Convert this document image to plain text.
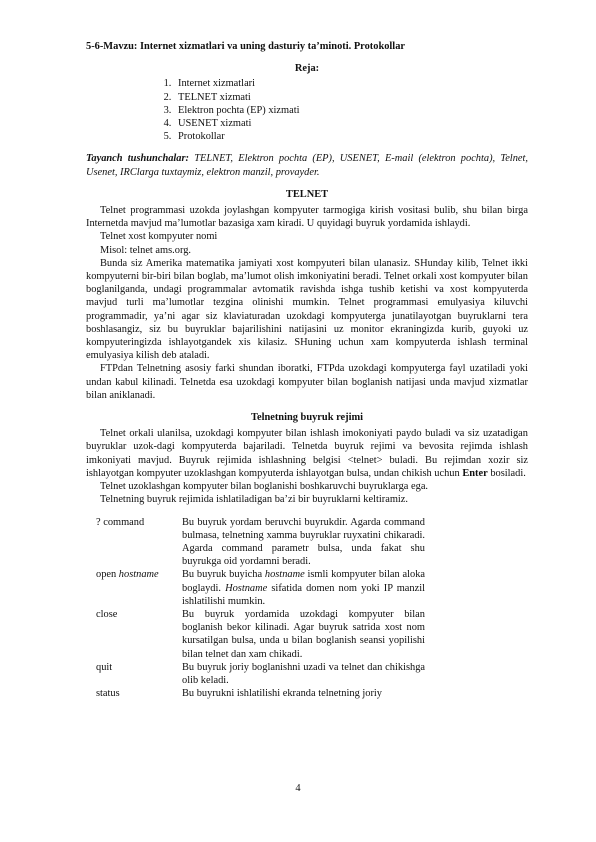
5-6-Mavzu: Internet xizmatlari va uning dasturiy ta’minoti. Protokollar
Reja:
1. Internet xizmatlari
2. TELNET xizmati
3. Elektron pochta (EP) xizmati
4. USENET xizmati
5. Protokollar
Tayanch tushunchalar: TELNET, Elektron pochta (EP), USENET, E-mail (elektron pochta), Telnet, Usenet, IRClarga tuxtaymiz, elektron manzil, provayder.
TELNET

Telnet programmasi uzokda joylashgan kompyuter tarmogiga kirish vositasi bulib, shu bilan birga Internetda mavjud ma’lumotlar bazasiga xam kiradi. U quyidagi buyruk yordamida ishlaydi.

Telnet xost kompyuter nomi

Misol: telnet ams.org.

Bunda siz Amerika matematika jamiyati xost kompyuteri bilan ulanasiz. SHunday kilib, Telnet ikki kompyuterni bir-biri bilan boglab, ma’lumot olish imkoniyatini beradi. Telnet orkali xost kompyuter bilan boglanilganda, undagi programmalar avtomatik ravishda ishga tushib ketishi va xost kompyuterda mavjud turli ma’lumotlar tezgina olinishi mumkin. Telnet programmasi emulyasiya kiluvchi programmadir, ya’ni agar siz klaviaturadan uzokdagi kompyuterga junatilayotgan buyruklarni tera boshlasangiz, siz bu buyruklar bajarilishini natijasini uz monitor ekraningizda kurib, guyoki uz kompyuteringizda ishlayotgandek xis kilasiz. SHuning uchun xam kompyuterda ishlash terminal emulyasiya kilish deb ataladi.

FTPdan Telnetning asosiy farki shundan iboratki, FTPda uzokdagi kompyuterga fayl uzatiladi yoki undan kabul kilinadi. Telnetda esa uzokdagi kompyuter bilan boglanish natijasi unda mavjud xizmatlar bilan aniklanadi.

Telnetning buyruk rejimi

Telnet orkali ulanilsa, uzokdagi kompyuter bilan ishlash imokoniyati paydo buladi va siz uzatadigan buyruklar uzok-dagi kompyuterda bajariladi. Telnetda buyruk rejimi va bevosita rejimda ishlash imkoniyati mavjud. Buyruk rejimida ishlashning belgisi <telnet> buladi. Bu rejimdan xozir siz ishlayotgan kompyuter uzoklashgan kompyuterda ishlayotgan bulsa, undan chikish uchun Enter bosiladi.

Telnet uzoklashgan kompyuter bilan boglanishi boshkaruvchi buyruklarga ega.

Telnetning buyruk rejimida ishlatiladigan ba’zi bir buyruklarni keltiramiz.

? command	Bu buyruk yordam beruvchi buyrukdir. Agarda command bulmasa, telnetning xamma buyruklar ruyxatini chikaradi. Agarda command parametr bulsa, unda fakat shu buyrukga oid yordamni beradi.
open hostname	Bu buyruk buyicha hostname ismli kompyuter bilan aloka boglaydi. Hostname sifatida domen nom yoki IP manzil ishlatilishi mumkin.
close	Bu buyruk yordamida uzokdagi kompyuter bilan boglanish bekor kilinadi. Agar buyruk satrida xost nom kursatilgan bulsa, unda u bilan boglanish seansi yopilishi bilan telnet dan xam chikadi.
quit	Bu buyruk joriy boglanishni uzadi va telnet dan chikishga olib keladi.
status	Bu buyrukni ishlatilishi ekranda telnetning joriy
4
